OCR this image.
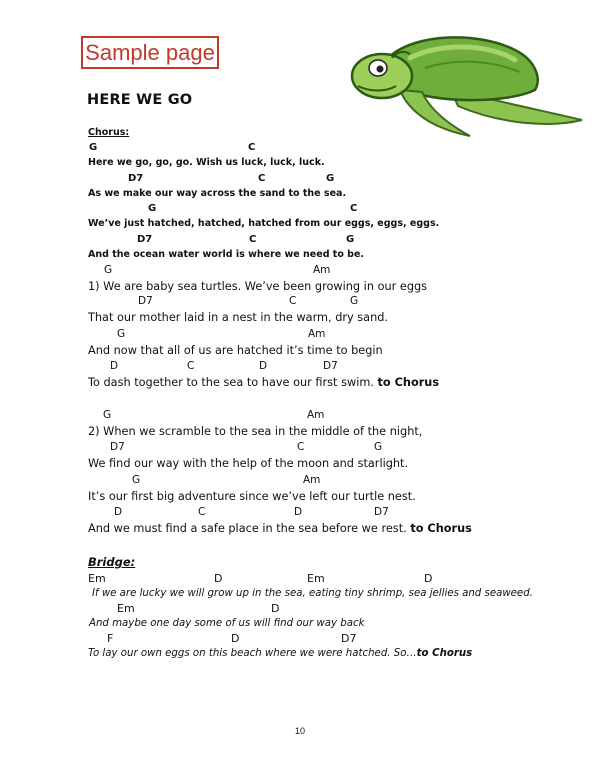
Sample page
HERE WE GO
Chorus:
Bridge:
G	C
Here we go, go, go. Wish us luck, luck, luck.
D7	C	G
As we make our way across the sand to the sea.
G	C
We’ve just hatched, hatched, hatched from our eggs, eggs, eggs.
D7	C	G
And the ocean water world is where we need to be.
G	Am
1) We are baby sea turtles. We’ve been growing in our eggs
D7	C	G
That our mother laid in a nest in the warm, dry sand.
G	Am
And now that all of us are hatched it’s time to begin
D	C	D	D7
To dash together to the sea to have our first swim. to Chorus
G	Am
2) When we scramble to the sea in the middle of the night,
D7	C	G
We find our way with the help of the moon and starlight.
G	Am
It’s our first big adventure since we’ve left our turtle nest.
D	C	D	D7
And we must find a safe place in the sea before we rest. to Chorus
Em	D	Em	D
If we are lucky we will grow up in the sea, eating tiny shrimp, sea jellies and seaweed.
Em	D
And maybe one day some of us will find our way back
F	D	D7
To lay our own eggs on this beach where we were hatched. So…to Chorus
10
